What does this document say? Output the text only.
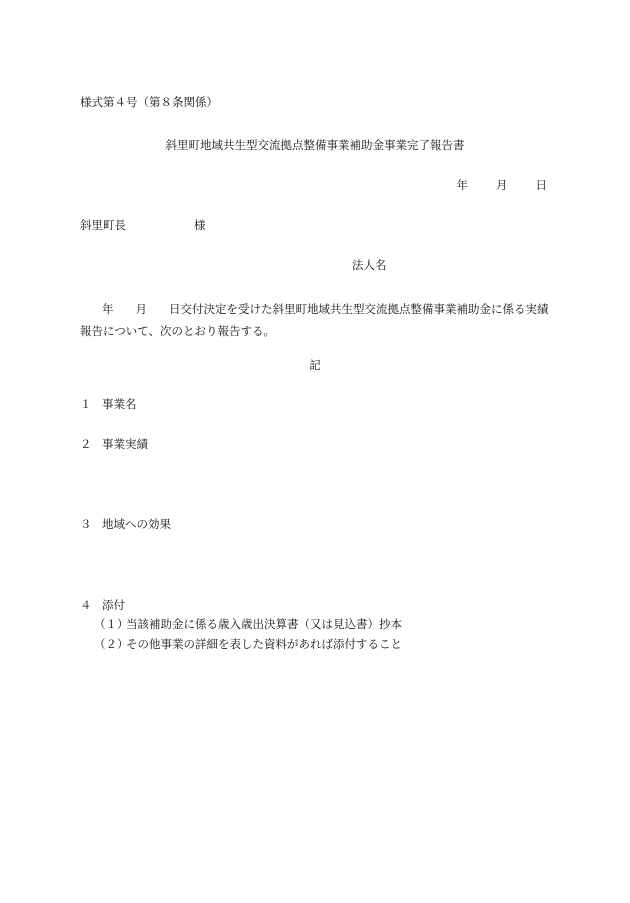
様式第４号（第８条関係）
斜里町地域共生型交流拠点整備事業補助金事業完了報告書
年 月 日
斜里町長	様
法人名
年 月 日交付決定を受けた斜里町地域共生型交流拠点整備事業補助金に係る実績報告について、次のとおり報告する。
記
１ 事業名
２ 事業実績
３ 地域への効果
４ 添付
（１）当該補助金に係る歳入歳出決算書（又は見込書）抄本
（２）その他事業の詳細を表した資料があれば添付すること
